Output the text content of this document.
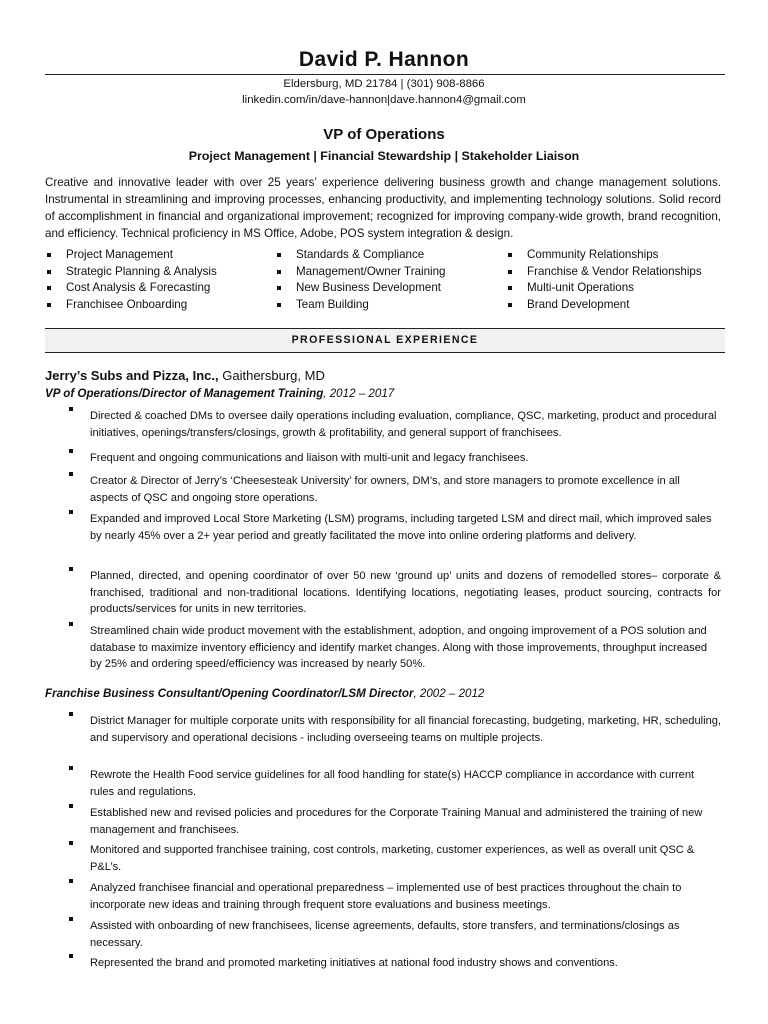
David P. Hannon
Eldersburg, MD 21784 | (301) 908-8866
linkedin.com/in/dave-hannon|dave.hannon4@gmail.com
VP of Operations
Project Management | Financial Stewardship | Stakeholder Liaison
Creative and innovative leader with over 25 years’ experience delivering business growth and change management solutions. Instrumental in streamlining and improving processes, enhancing productivity, and implementing technology solutions. Solid record of accomplishment in financial and organizational improvement; recognized for improving company-wide growth, brand recognition, and efficiency. Technical proficiency in MS Office, Adobe, POS system integration & design.
Project Management
Strategic Planning & Analysis
Cost Analysis & Forecasting
Franchisee Onboarding
Standards & Compliance
Management/Owner Training
New Business Development
Team Building
Community Relationships
Franchise & Vendor Relationships
Multi-unit Operations
Brand Development
PROFESSIONAL EXPERIENCE
Jerry’s Subs and Pizza, Inc., Gaithersburg, MD
VP of Operations/Director of Management Training, 2012 – 2017
Directed & coached DMs to oversee daily operations including evaluation, compliance, QSC, marketing, product and procedural initiatives, openings/transfers/closings, growth & profitability, and general support of franchisees.
Frequent and ongoing communications and liaison with multi-unit and legacy franchisees.
Creator & Director of Jerry’s ‘Cheesesteak University’ for owners, DM’s, and store managers to promote excellence in all aspects of QSC and ongoing store operations.
Expanded and improved Local Store Marketing (LSM) programs, including targeted LSM and direct mail, which improved sales by nearly 45% over a 2+ year period and greatly facilitated the move into online ordering platforms and delivery.
Planned, directed, and opening coordinator of over 50 new ‘ground up’ units and dozens of remodelled stores– corporate & franchised, traditional and non-traditional locations. Identifying locations, negotiating leases, product sourcing, contracts for products/services for units in new territories.
Streamlined chain wide product movement with the establishment, adoption, and ongoing improvement of a POS solution and database to maximize inventory efficiency and identify market changes. Along with those improvements, throughput increased by 25% and ordering speed/efficiency was increased by nearly 50%.
Franchise Business Consultant/Opening Coordinator/LSM Director, 2002 – 2012
District Manager for multiple corporate units with responsibility for all financial forecasting, budgeting, marketing, HR, scheduling, and supervisory and operational decisions - including overseeing teams on multiple projects.
Rewrote the Health Food service guidelines for all food handling for state(s) HACCP compliance in accordance with current rules and regulations.
Established new and revised policies and procedures for the Corporate Training Manual and administered the training of new management and franchisees.
Monitored and supported franchisee training, cost controls, marketing, customer experiences, as well as overall unit QSC & P&L’s.
Analyzed franchisee financial and operational preparedness – implemented use of best practices throughout the chain to incorporate new ideas and training through frequent store evaluations and business meetings.
Assisted with onboarding of new franchisees, license agreements, defaults, store transfers, and terminations/closings as necessary.
Represented the brand and promoted marketing initiatives at national food industry shows and conventions.
